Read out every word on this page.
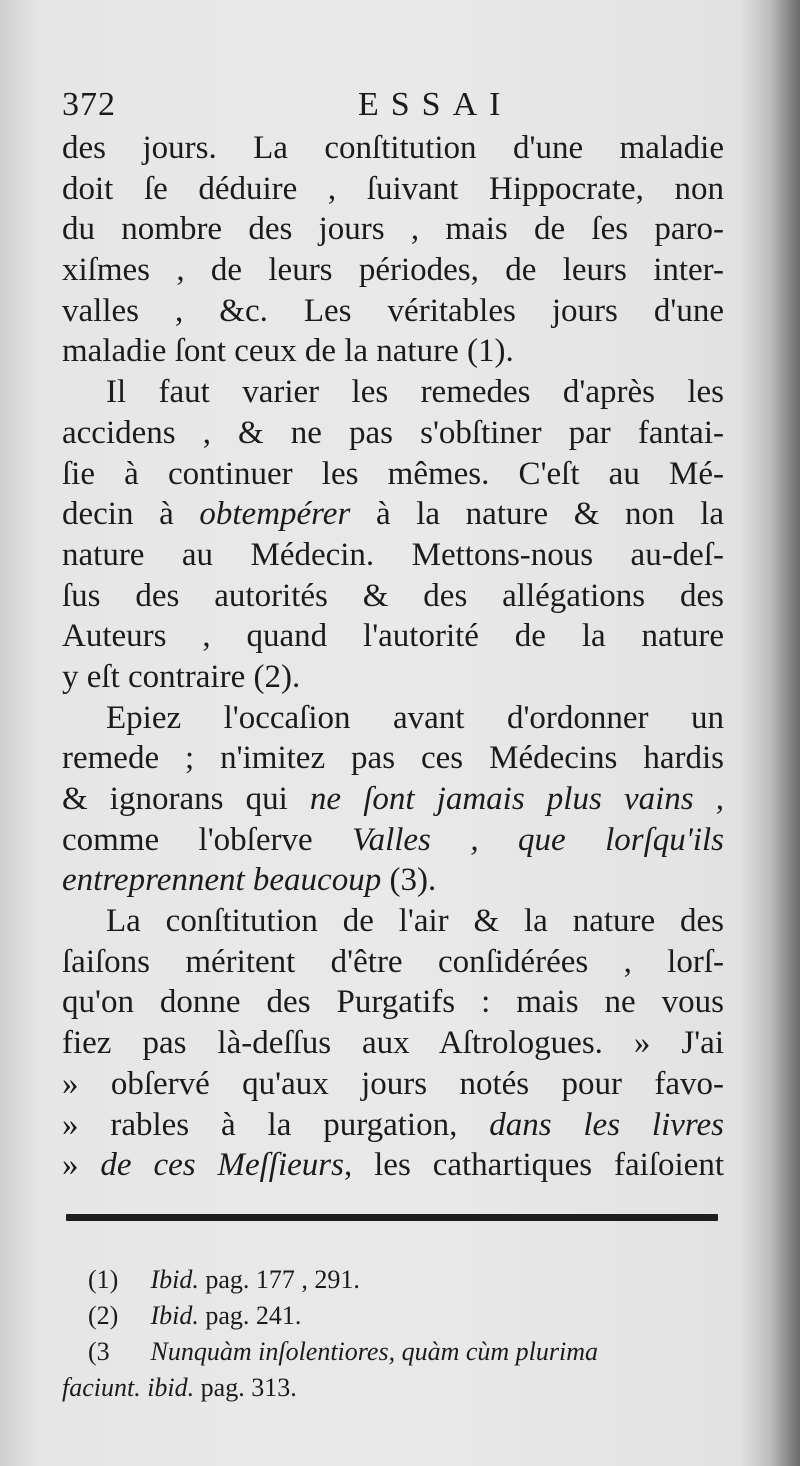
372	ESSAI
des jours. La conſtitution d'une maladie
doit ſe déduire , ſuivant Hippocrate, non
du nombre des jours , mais de ſes paro-
xiſmes , de leurs périodes, de leurs inter-
valles , &c. Les véritables jours d'une
maladie ſont ceux de la nature (1).
Il faut varier les remedes d'après les
accidens , & ne pas s'obſtiner par fantai-
ſie à continuer les mêmes. C'eſt au Mé-
decin à obtempérer à la nature & non la
nature au Médecin. Mettons-nous au-deſ-
ſus des autorités & des allégations des
Auteurs , quand l'autorité de la nature
y eſt contraire (2).
Epiez l'occaſion avant d'ordonner un
remede ; n'imitez pas ces Médecins hardis
& ignorans qui ne ſont jamais plus vains ,
comme l'obſerve Valles , que lorſqu'ils
entreprennent beaucoup (3).
La conſtitution de l'air & la nature des
ſaiſons méritent d'être conſidérées , lorſ-
qu'on donne des Purgatifs : mais ne vous
fiez pas là-deſſus aux Aſtrologues. » J'ai
» obſervé qu'aux jours notés pour favo-
» rables à la purgation, dans les livres
» de ces Meſſieurs, les cathartiques faiſoient
(1) Ibid. pag. 177 , 291.
(2) Ibid. pag. 241.
(3 Nunquàm inſolentiores, quàm cùm plurima
faciunt. ibid. pag. 313.
